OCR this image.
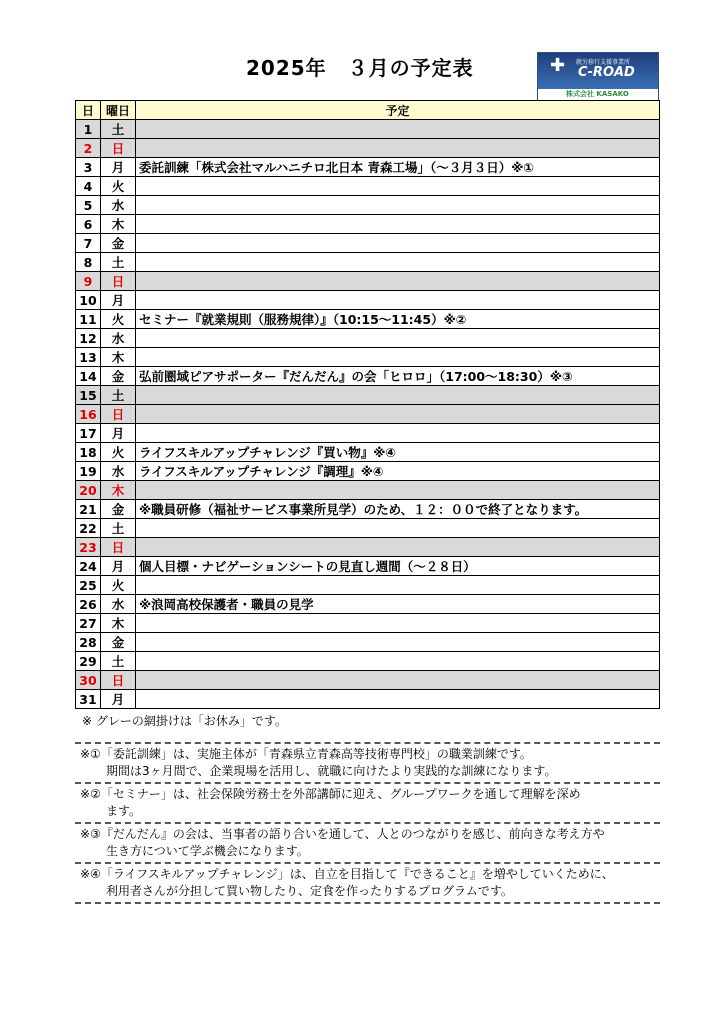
2025年　３月の予定表	✚ 就労移行支援事業所
C-ROAD
株式会社 KASAKO
日	曜日	予定
1	土	
2	日	
3	月	委託訓練「株式会社マルハニチロ北日本 青森工場」（～３月３日）※①
4	火	
5	水	
6	木	
7	金	
8	土	
9	日	
10	月	
11	火	セミナー『就業規則（服務規律）』（10:15～11:45）※②
12	水	
13	木	
14	金	弘前圏域ピアサポーター『だんだん』の会「ヒロロ」（17:00～18:30）※③
15	土	
16	日	
17	月	
18	火	ライフスキルアップチャレンジ『買い物』※④
19	水	ライフスキルアップチャレンジ『調理』※④
20	木	
21	金	※職員研修（福祉サービス事業所見学）のため、１２：００で終了となります。
22	土	
23	日	
24	月	個人目標・ナビゲーションシートの見直し週間（～２８日）
25	火	
26	水	※浪岡高校保護者・職員の見学
27	木	
28	金	
29	土	
30	日	
31	月	
※ グレーの網掛けは「お休み」です。
※①「委託訓練」は、実施主体が「青森県立青森高等技術専門校」の職業訓練です。
期間は3ヶ月間で、企業現場を活用し、就職に向けたより実践的な訓練になります。
※②「セミナー」は、社会保険労務士を外部講師に迎え、グループワークを通して理解を深め
ます。
※③『だんだん』の会は、当事者の語り合いを通して、人とのつながりを感じ、前向きな考え方や
生き方について学ぶ機会になります。
※④「ライフスキルアップチャレンジ」は、自立を目指して『できること』を増やしていくために、
利用者さんが分担して買い物したり、定食を作ったりするプログラムです。
